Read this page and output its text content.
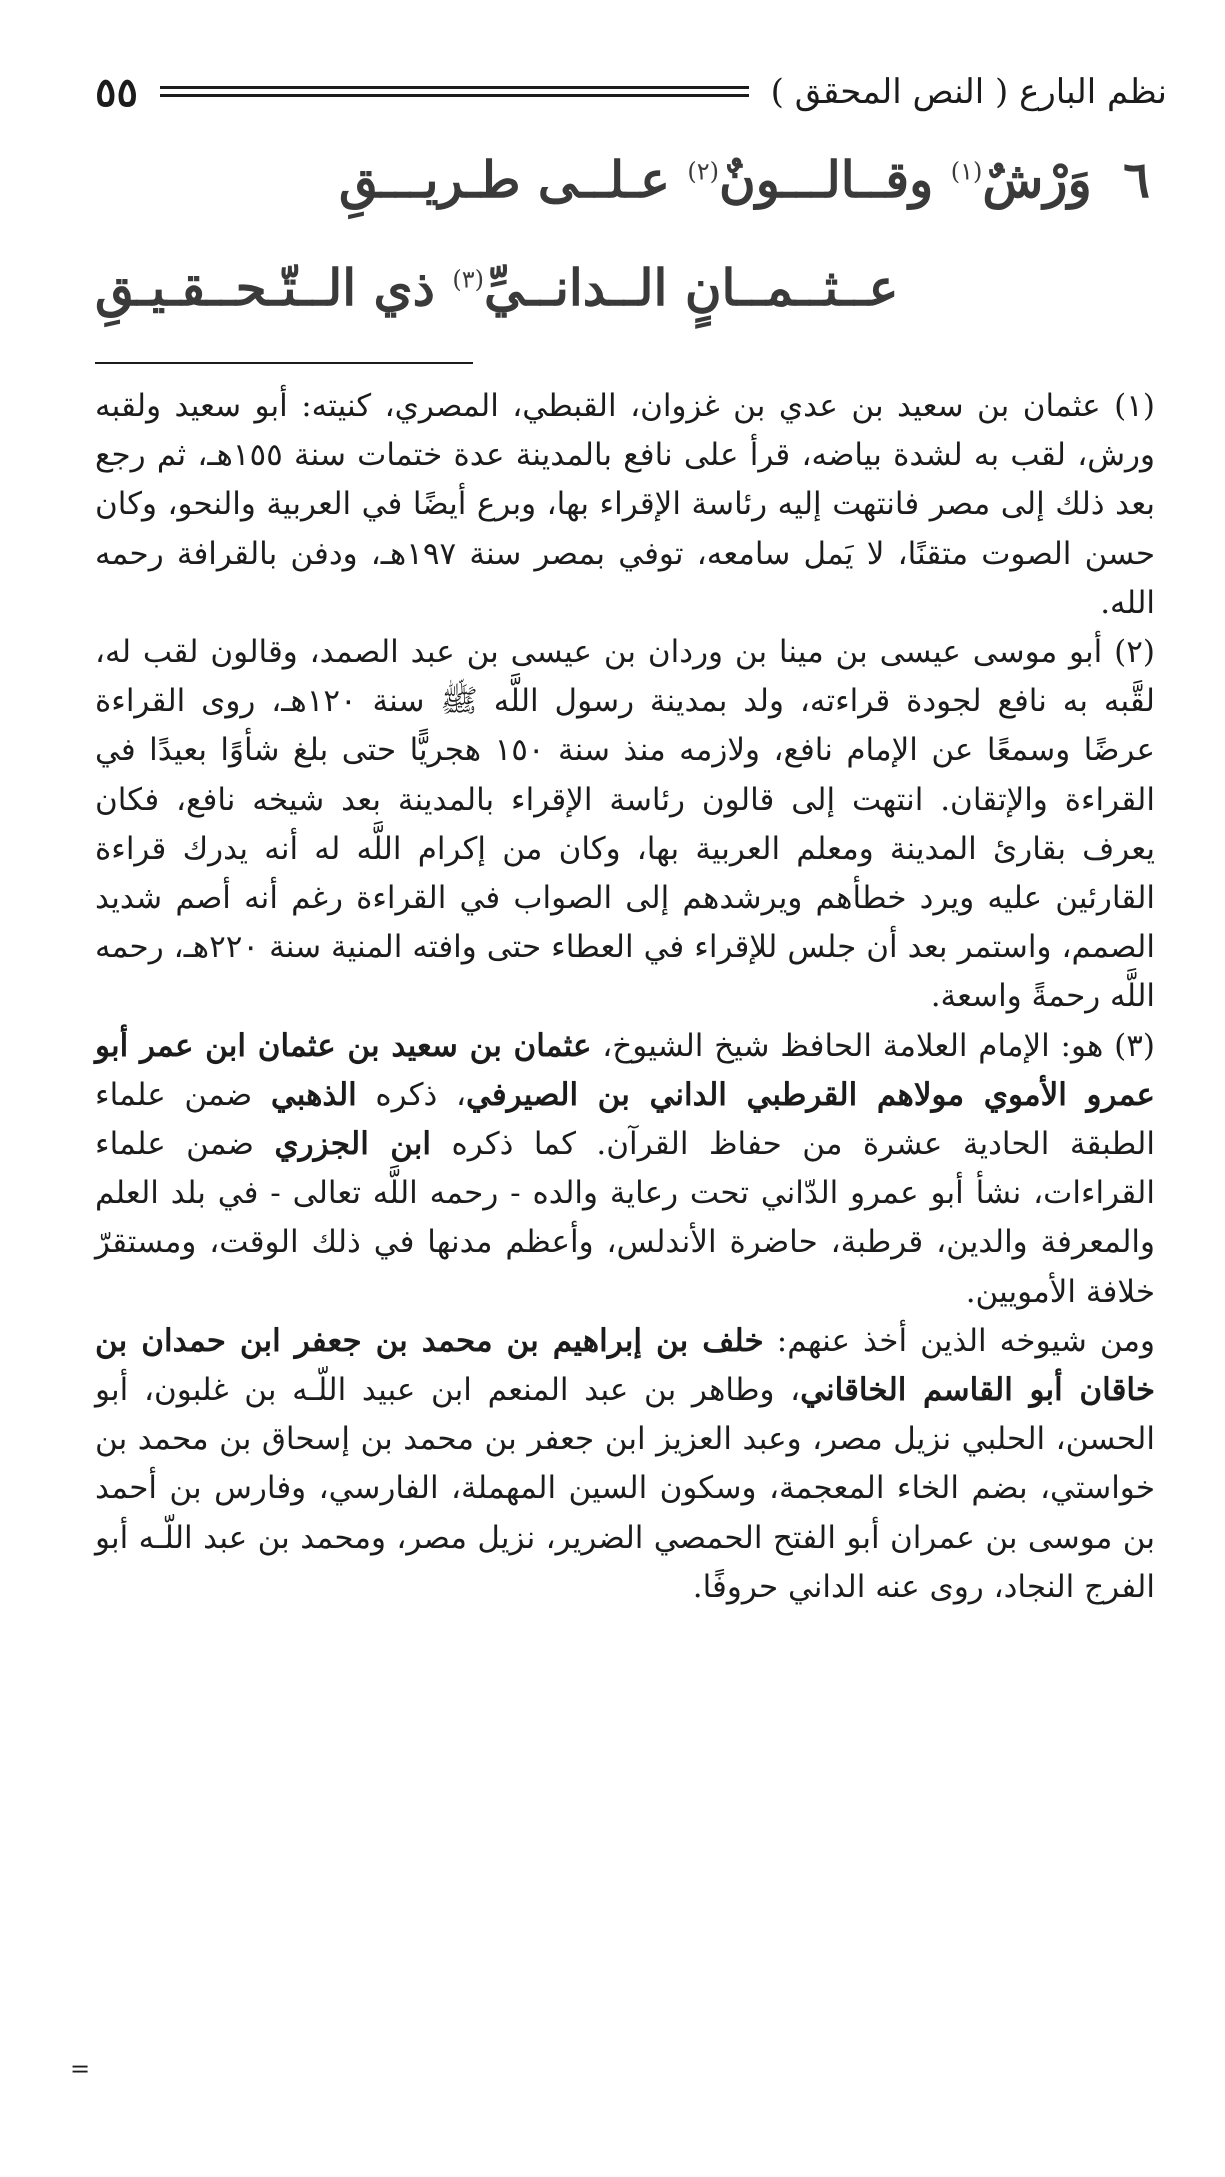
٥٥	نظم البارع ( النص المحقق )
٦ وَرْشٌ$^{(١)}$ وقــالـــونٌ$^{(٢)}$ عـلــى طـريـــقِ
عــثــمــانٍ الــدانــيِّ$^{(٣)}$ ذي الــتّـحــقـيـقِ

(١) عثمان بن سعيد بن عدي بن غزوان، القبطي، المصري، كنيته: أبو سعيد ولقبه ورش، لقب به لشدة بياضه، قرأ على نافع بالمدينة عدة ختمات سنة ١٥٥هـ، ثم رجع بعد ذلك إلى مصر فانتهت إليه رئاسة الإقراء بها، وبرع أيضًا في العربية والنحو، وكان حسن الصوت متقنًا، لا يَمل سامعه، توفي بمصر سنة ١٩٧هـ، ودفن بالقرافة رحمه الله.

(٢) أبو موسى عيسى بن مينا بن وردان بن عيسى بن عبد الصمد، وقالون لقب له، لقَّبه به نافع لجودة قراءته، ولد بمدينة رسول اللَّه ﷺ سنة ١٢٠هـ، روى القراءة عرضًا وسمعًا عن الإمام نافع، ولازمه منذ سنة ١٥٠ هجريًّا حتى بلغ شأوًا بعيدًا في القراءة والإتقان. انتهت إلى قالون رئاسة الإقراء بالمدينة بعد شيخه نافع، فكان يعرف بقارئ المدينة ومعلم العربية بها، وكان من إكرام اللَّه له أنه يدرك قراءة القارئين عليه ويرد خطأهم ويرشدهم إلى الصواب في القراءة رغم أنه أصم شديد الصمم، واستمر بعد أن جلس للإقراء في العطاء حتى وافته المنية سنة ٢٢٠هـ، رحمه اللَّه رحمةً واسعة.

(٣) هو: الإمام العلامة الحافظ شيخ الشيوخ، عثمان بن سعيد بن عثمان ابن عمر أبو عمرو الأموي مولاهم القرطبي الداني بن الصيرفي، ذكره الذهبي ضمن علماء الطبقة الحادية عشرة من حفاظ القرآن. كما ذكره ابن الجزري ضمن علماء القراءات، نشأ أبو عمرو الدّاني تحت رعاية والده - رحمه اللَّه تعالى - في بلد العلم والمعرفة والدين، قرطبة، حاضرة الأندلس، وأعظم مدنها في ذلك الوقت، ومستقرّ خلافة الأمويين.

ومن شيوخه الذين أخذ عنهم: خلف بن إبراهيم بن محمد بن جعفر ابن حمدان بن خاقان أبو القاسم الخاقاني، وطاهر بن عبد المنعم ابن عبيد اللّـه بن غلبون، أبو الحسن، الحلبي نزيل مصر، وعبد العزيز ابن جعفر بن محمد بن إسحاق بن محمد بن خواستي، بضم الخاء المعجمة، وسكون السين المهملة، الفارسي، وفارس بن أحمد بن موسى بن عمران أبو الفتح الحمصي الضرير، نزيل مصر، ومحمد بن عبد اللّـه أبو الفرج النجاد، روى عنه الداني حروفًا.

=
